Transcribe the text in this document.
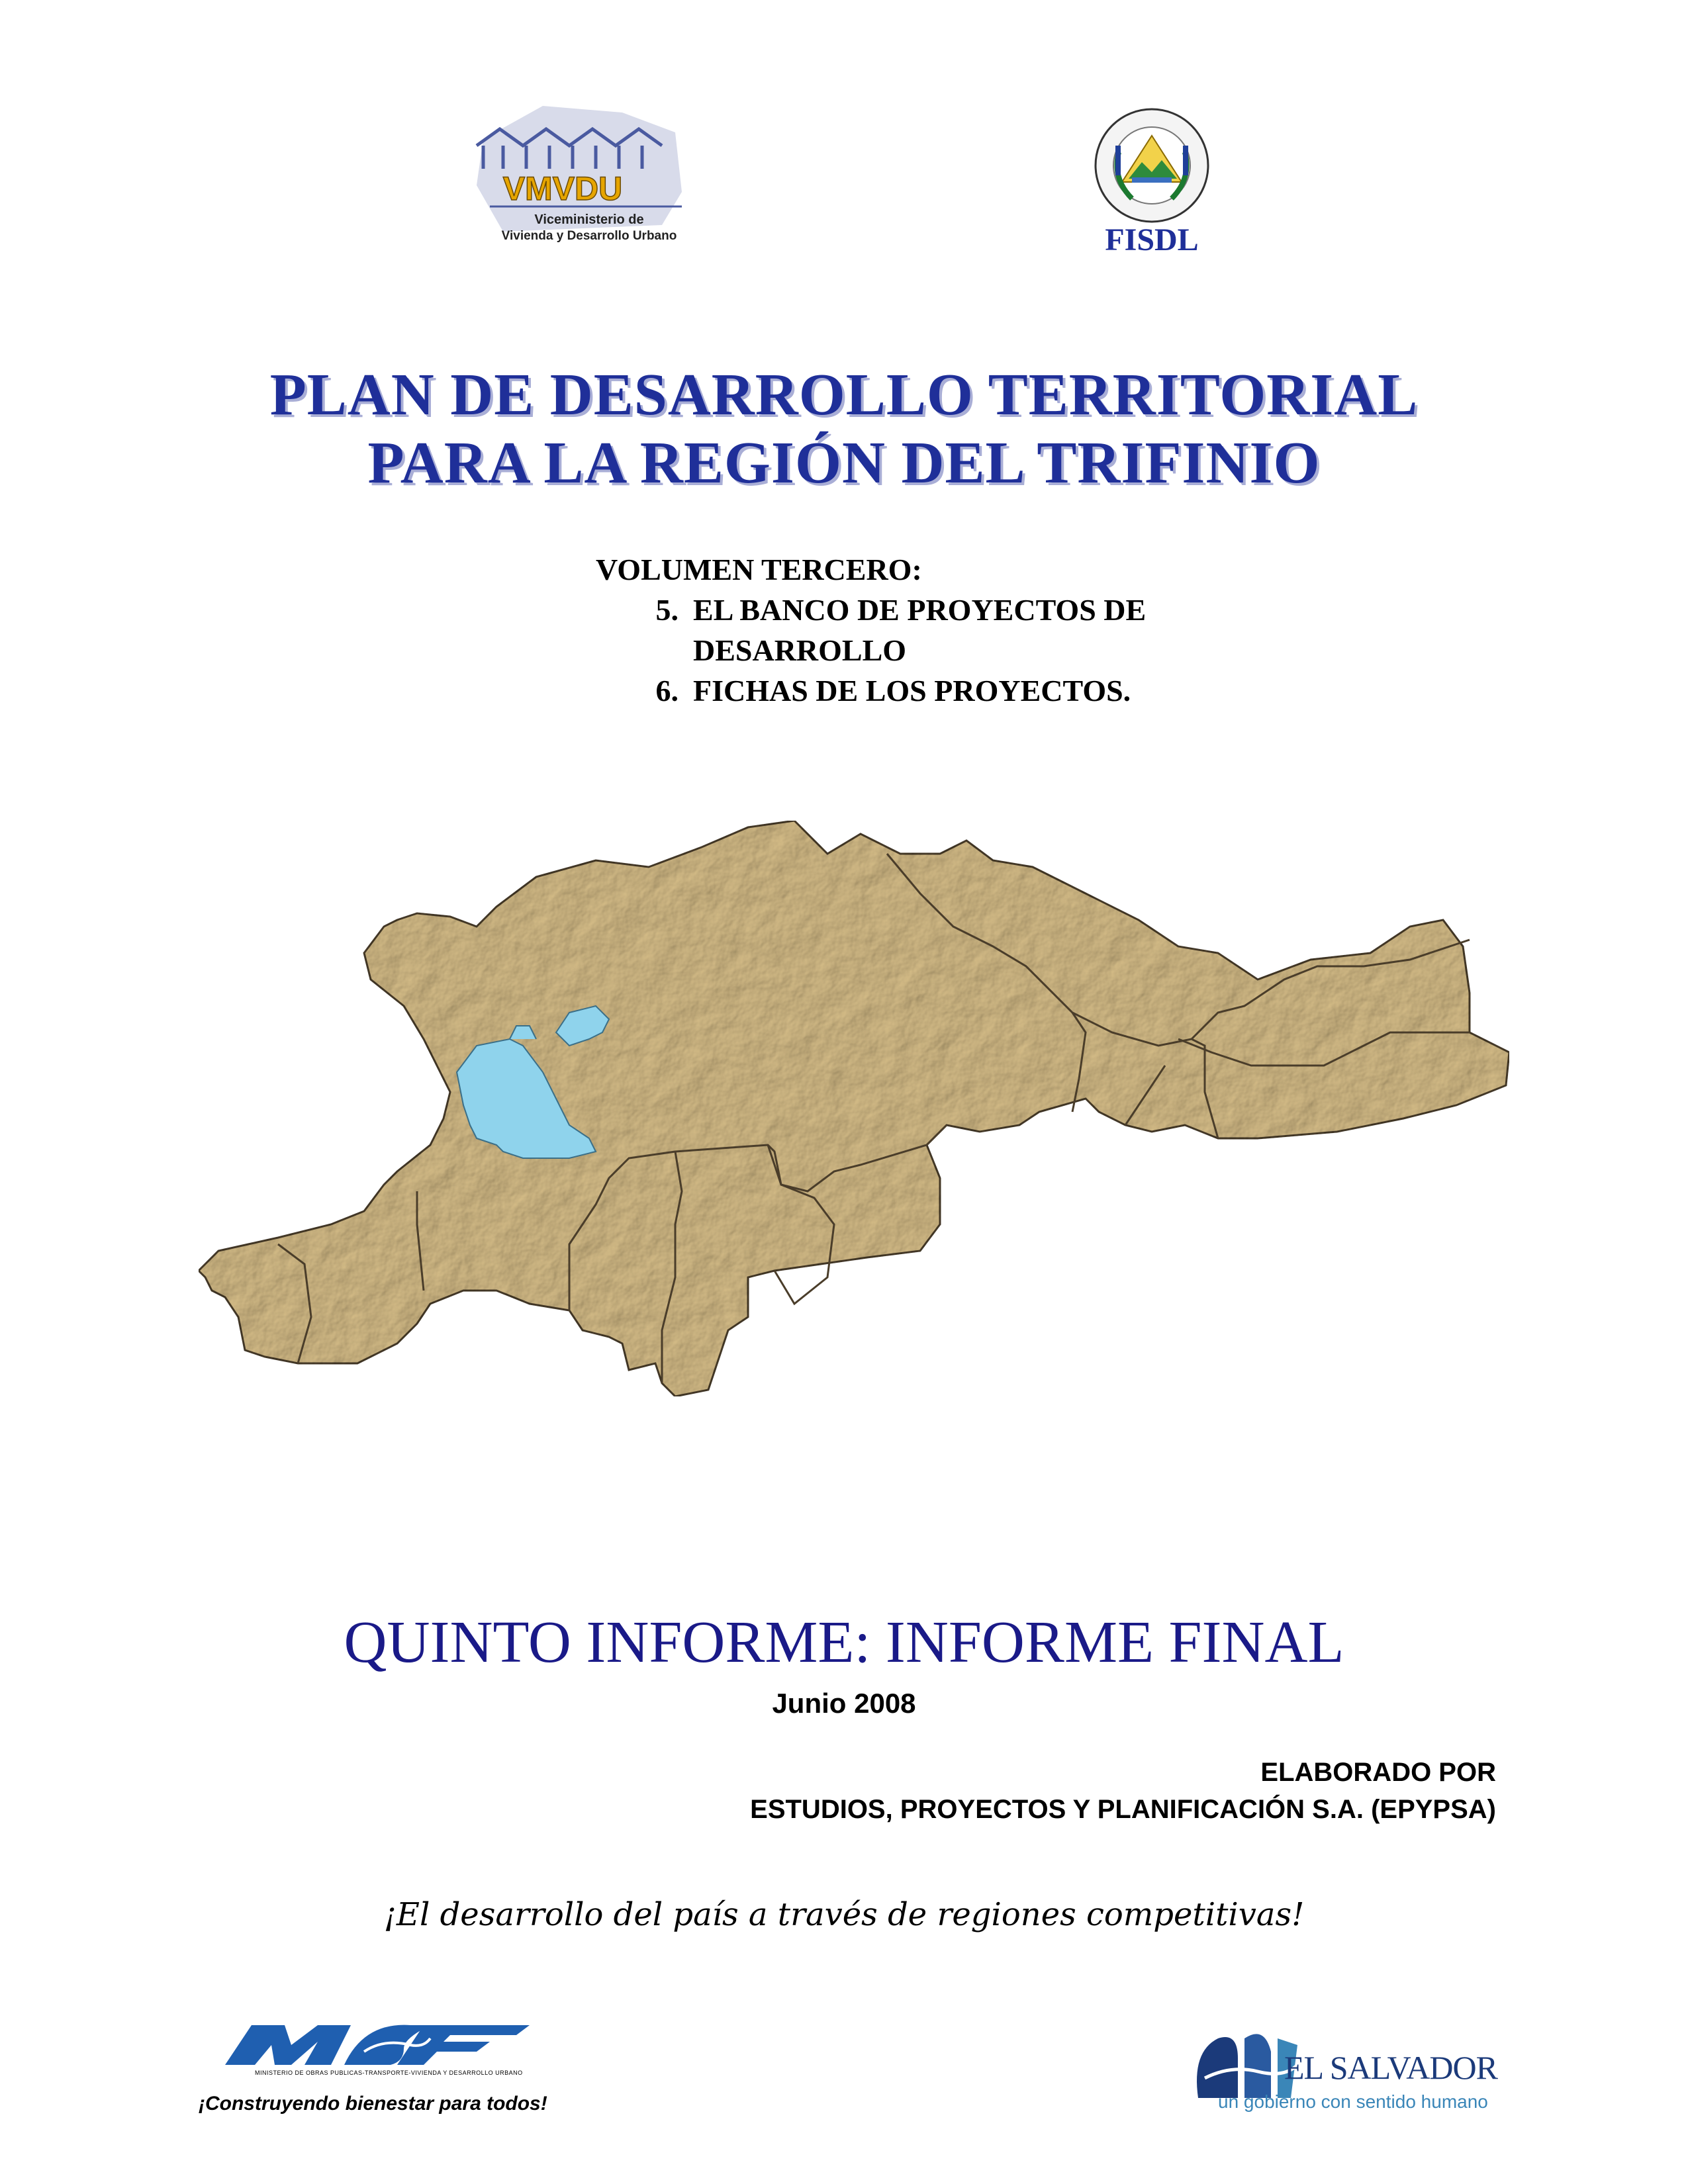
VMVDU
Viceministerio de
Vivienda y Desarrollo Urbano	FISDL
PLAN DE DESARROLLO TERRITORIAL
PARA LA REGIÓN DEL TRIFINIO
VOLUMEN TERCERO:
5. EL BANCO DE PROYECTOS DE DESARROLLO
6. FICHAS DE LOS PROYECTOS.
QUINTO INFORME: INFORME FINAL
Junio 2008
ELABORADO POR
ESTUDIOS, PROYECTOS Y PLANIFICACIÓN S.A. (EPYPSA)
¡El desarrollo del país a través de regiones competitivas!
MINISTERIO DE OBRAS PUBLICAS-TRANSPORTE-VIVIENDA Y DESARROLLO URBANO
¡Construyendo bienestar para todos!
EL SALVADOR
un gobierno con sentido humano
